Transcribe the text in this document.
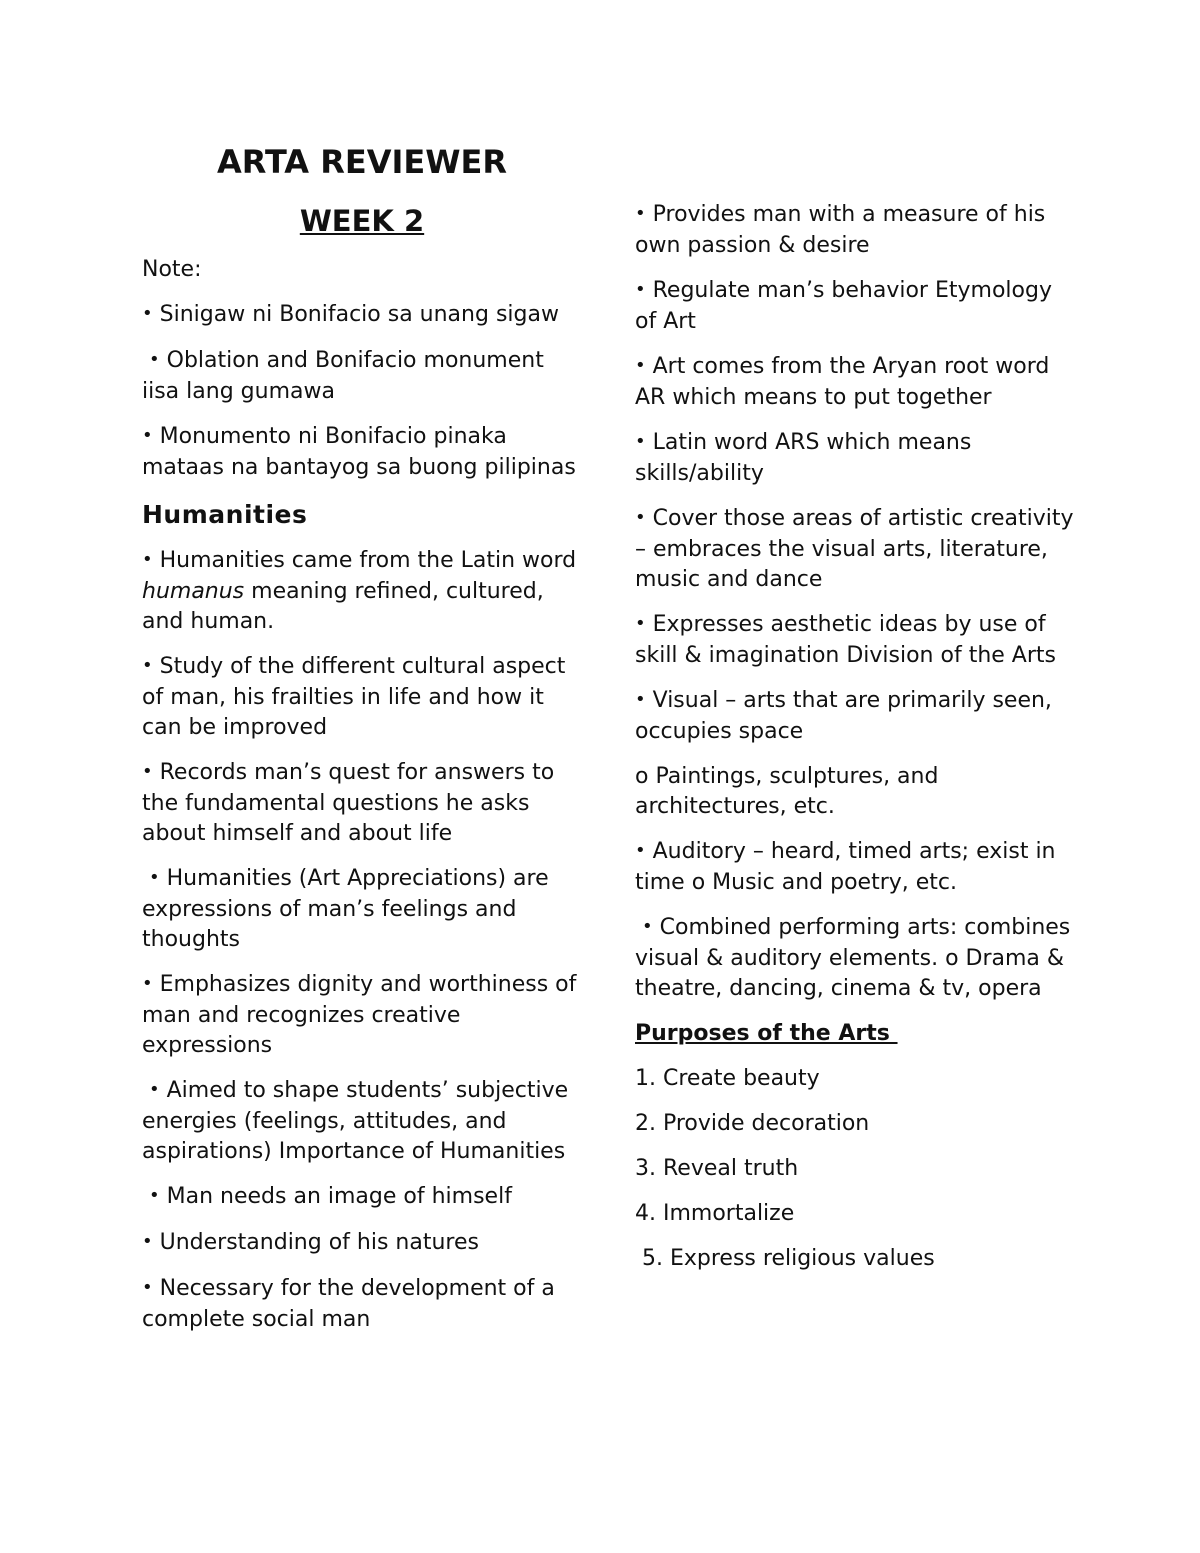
ARTA REVIEWER
WEEK 2

Note:

• Sinigaw ni Bonifacio sa unang sigaw

• Oblation and Bonifacio monument iisa lang gumawa

• Monumento ni Bonifacio pinaka mataas na bantayog sa buong pilipinas

Humanities

• Humanities came from the Latin word humanus meaning refined, cultured, and human.

• Study of the different cultural aspect of man, his frailties in life and how it can be improved

• Records man’s quest for answers to the fundamental questions he asks about himself and about life

• Humanities (Art Appreciations) are expressions of man’s feelings and thoughts

• Emphasizes dignity and worthiness of man and recognizes creative expressions

• Aimed to shape students’ subjective energies (feelings, attitudes, and aspirations) Importance of Humanities

• Man needs an image of himself

• Understanding of his natures

• Necessary for the development of a complete social man

• Provides man with a measure of his own passion & desire

• Regulate man’s behavior Etymology of Art

• Art comes from the Aryan root word AR which means to put together

• Latin word ARS which means skills/ability

• Cover those areas of artistic creativity – embraces the visual arts, literature, music and dance

• Expresses aesthetic ideas by use of skill & imagination Division of the Arts

• Visual – arts that are primarily seen, occupies space

o Paintings, sculptures, and architectures, etc.

• Auditory – heard, timed arts; exist in time o Music and poetry, etc.

• Combined performing arts: combines visual & auditory elements. o Drama & theatre, dancing, cinema & tv, opera

Purposes of the Arts

1. Create beauty

2. Provide decoration

3. Reveal truth

4. Immortalize

5. Express religious values
